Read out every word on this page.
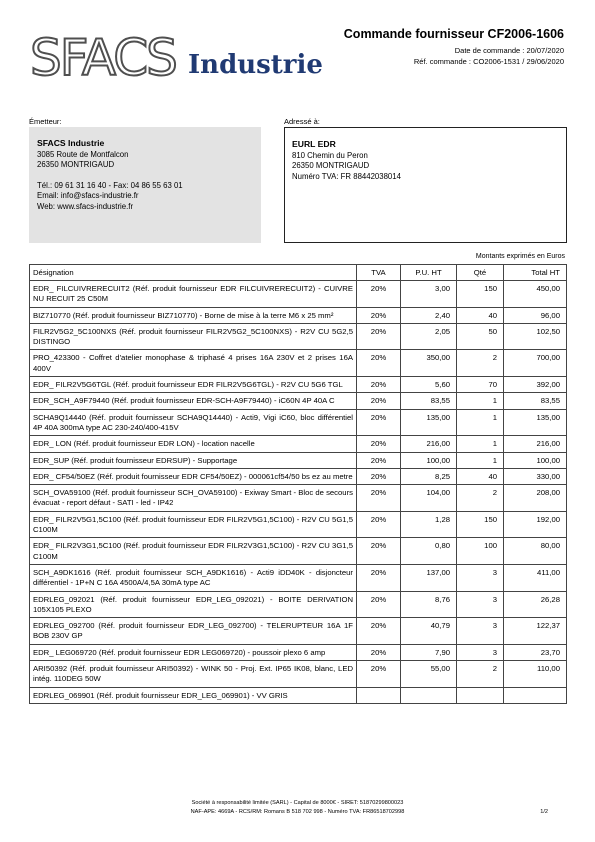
SFACS Industrie
Commande fournisseur CF2006-1606
Date de commande : 20/07/2020
Réf. commande : CO2006-1531 / 29/06/2020
Émetteur:	Adressé à:
SFACS Industrie
3085 Route de Montfalcon
26350 MONTRIGAUD
Tél.: 09 61 31 16 40 - Fax: 04 86 55 63 01
Email: info@sfacs-industrie.fr
Web: www.sfacs-industrie.fr
EURL EDR
810 Chemin du Peron
26350 MONTRIGAUD
Numéro TVA: FR 88442038014
Montants exprimés en Euros
Désignation	TVA	P.U. HT	Qté	Total HT
EDR_ FILCUIVRERECUIT2 (Réf. produit fournisseur EDR FILCUIVRERECUIT2) - CUIVRE NU RECUIT 25 C50M	20%	3,00	150	450,00
BIZ710770 (Réf. produit fournisseur BIZ710770) - Borne de mise à la terre M6 x 25 mm²	20%	2,40	40	96,00
FILR2V5G2_5C100NXS (Réf. produit fournisseur FILR2V5G2_5C100NXS) - R2V CU 5G2,5 DISTINGO	20%	2,05	50	102,50
PRO_423300 - Coffret d'atelier monophase & triphasé 4 prises 16A 230V et 2 prises 16A 400V	20%	350,00	2	700,00
EDR_ FILR2V5G6TGL (Réf. produit fournisseur EDR FILR2V5G6TGL) - R2V CU 5G6 TGL	20%	5,60	70	392,00
EDR_SCH_A9F79440 (Réf. produit fournisseur EDR-SCH-A9F79440) - iC60N 4P 40A C	20%	83,55	1	83,55
SCHA9Q14440 (Réf. produit fournisseur SCHA9Q14440) - Acti9, Vigi iC60, bloc différentiel 4P 40A 300mA type AC 230-240/400-415V	20%	135,00	1	135,00
EDR_ LON (Réf. produit fournisseur EDR LON) - location nacelle	20%	216,00	1	216,00
EDR_SUP (Réf. produit fournisseur EDRSUP) - Supportage	20%	100,00	1	100,00
EDR_ CF54/50EZ (Réf. produit fournisseur EDR CF54/50EZ) - 000061cf54/50 bs ez au metre	20%	8,25	40	330,00
SCH_OVA59100 (Réf. produit fournisseur SCH_OVA59100) - Exiway Smart - Bloc de secours évacuat - report défaut - SATI - led - IP42	20%	104,00	2	208,00
EDR_ FILR2V5G1,5C100 (Réf. produit fournisseur EDR FILR2V5G1,5C100) - R2V CU 5G1,5 C100M	20%	1,28	150	192,00
EDR_ FILR2V3G1,5C100 (Réf. produit fournisseur EDR FILR2V3G1,5C100) - R2V CU 3G1,5 C100M	20%	0,80	100	80,00
SCH_A9DK1616 (Réf. produit fournisseur SCH_A9DK1616) - Acti9 iDD40K - disjoncteur différentiel - 1P+N C 16A 4500A/4,5A 30mA type AC	20%	137,00	3	411,00
EDRLEG_092021 (Réf. produit fournisseur EDR_LEG_092021) - BOITE DERIVATION 105X105 PLEXO	20%	8,76	3	26,28
EDRLEG_092700 (Réf. produit fournisseur EDR_LEG_092700) - TELERUPTEUR 16A 1F BOB 230V GP	20%	40,79	3	122,37
EDR_ LEG069720 (Réf. produit fournisseur EDR LEG069720) - poussoir plexo 6 amp	20%	7,90	3	23,70
ARI50392 (Réf. produit fournisseur ARI50392) - WINK 50 - Proj. Ext. IP65 IK08, blanc, LED intég. 110DEG 50W	20%	55,00	2	110,00
EDRLEG_069901 (Réf. produit fournisseur EDR_LEG_069901) - VV GRIS				
Société à responsabilité limitée (SARL) - Capital de 8000€ - SIRET: 51870299800023
NAF-APE: 4669A - RCS/RM: Romans B 518 702 998 - Numéro TVA: FR86518702998	1/2
